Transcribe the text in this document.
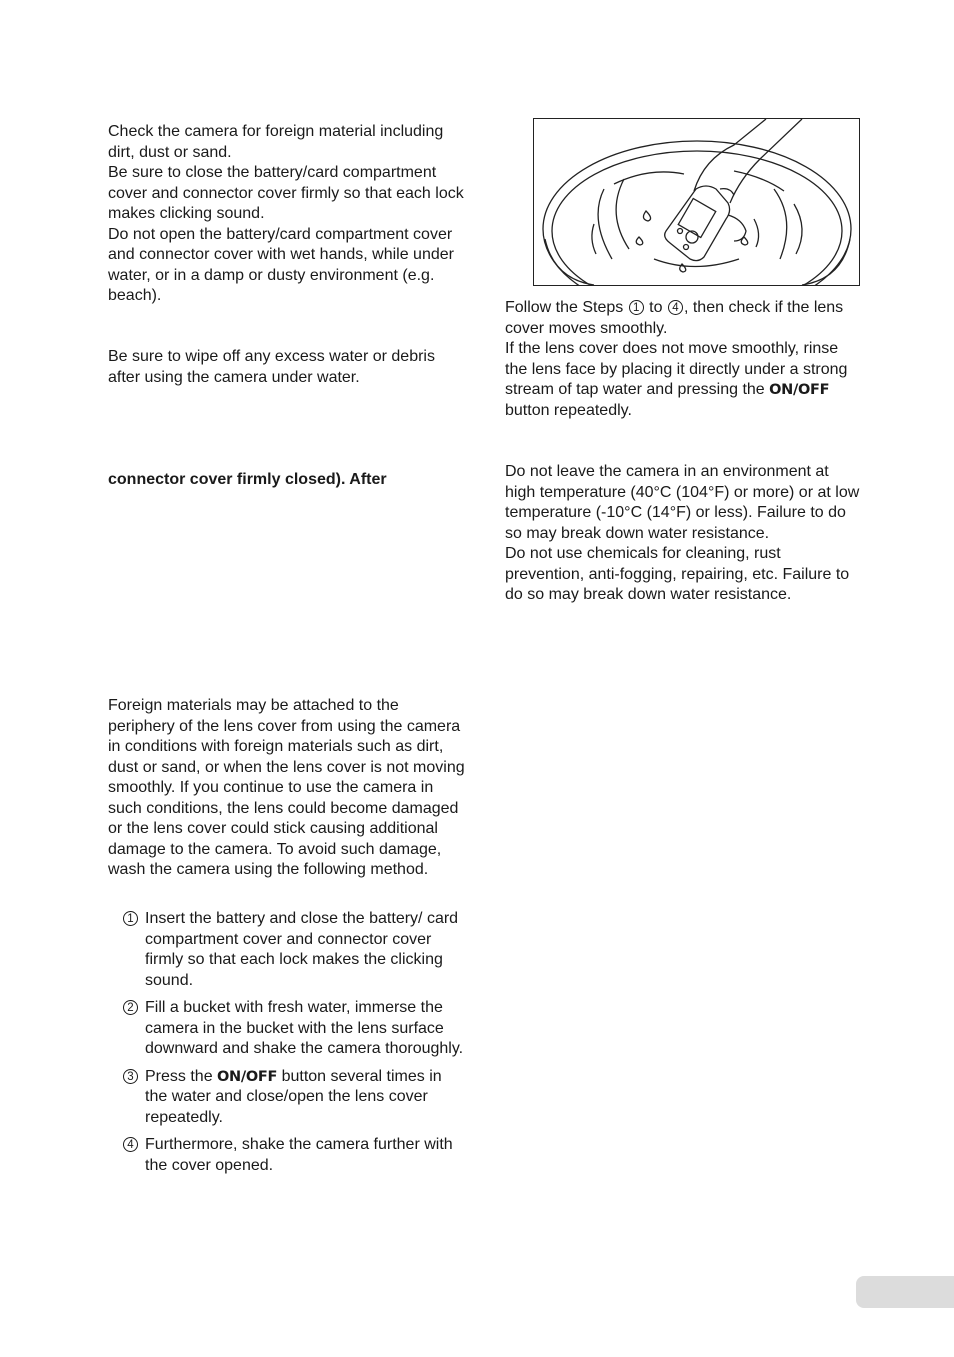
Check the camera for foreign material including dirt, dust or sand.

Be sure to close the battery/card compartment cover and connector cover firmly so that each lock makes clicking sound.

Do not open the battery/card compartment cover and connector cover with wet hands, while under water, or in a damp or dusty environment (e.g. beach).

Be sure to wipe off any excess water or debris after using the camera under water.

connector cover firmly closed). After

Foreign materials may be attached to the periphery of the lens cover from using the camera in conditions with foreign materials such as dirt, dust or sand, or when the lens cover is not moving smoothly. If you continue to use the camera in such conditions, the lens could become damaged or the lens cover could stick causing additional damage to the camera. To avoid such damage, wash the camera using the following method.

1 Insert the battery and close the battery/ card compartment cover and connector cover firmly so that each lock makes the clicking sound.
2 Fill a bucket with fresh water, immerse the camera in the bucket with the lens surface downward and shake the camera thoroughly.
3 Press the ON/OFF button several times in the water and close/open the lens cover repeatedly.
4 Furthermore, shake the camera further with the cover opened.
Follow the Steps 1 to 4 , then check if the lens cover moves smoothly.
If the lens cover does not move smoothly, rinse the lens face by placing it directly under a strong stream of tap water and pressing the ON/OFF button repeatedly.

Do not leave the camera in an environment at high temperature (40°C (104°F) or more) or at low temperature (-10°C (14°F) or less). Failure to do so may break down water resistance.

Do not use chemicals for cleaning, rust prevention, anti-fogging, repairing, etc. Failure to do so may break down water resistance.
